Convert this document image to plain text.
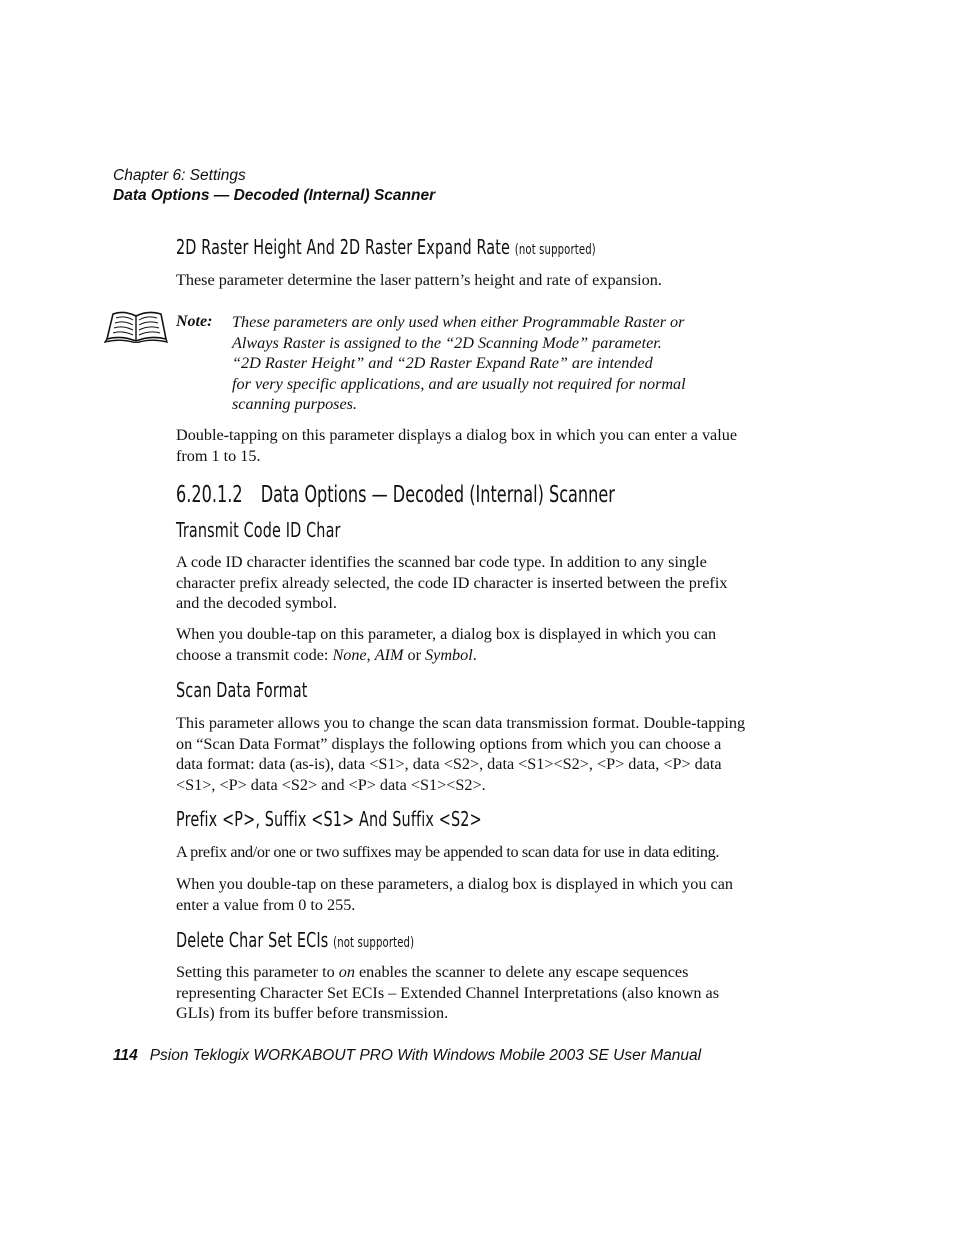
Chapter 6: Settings
Data Options — Decoded (Internal) Scanner
2D Raster Height And 2D Raster Expand Rate (not supported)

These parameter determine the laser pattern’s height and rate of expansion.

Note: These parameters are only used when either Programmable Raster or
Always Raster is assigned to the “2D Scanning Mode” parameter.
“2D Raster Height” and “2D Raster Expand Rate” are intended
for very specific applications, and are usually not required for normal
scanning purposes.

Double-tapping on this parameter displays a dialog box in which you can enter a value from 1 to 15.

6.20.1.2 Data Options — Decoded (Internal) Scanner
Transmit Code ID Char

A code ID character identifies the scanned bar code type. In addition to any single character prefix already selected, the code ID character is inserted between the prefix and the decoded symbol.

When you double-tap on this parameter, a dialog box is displayed in which you can choose a transmit code: None, AIM or Symbol.

Scan Data Format

This parameter allows you to change the scan data transmission format. Double-tapping on “Scan Data Format” displays the following options from which you can choose a data format: data (as-is), data <S1>, data <S2>, data <S1><S2>, <P> data, <P> data <S1>, <P> data <S2> and <P> data <S1><S2>.

Prefix <P>, Suffix <S1> And Suffix <S2>

A prefix and/or one or two suffixes may be appended to scan data for use in data editing.

When you double-tap on these parameters, a dialog box is displayed in which you can enter a value from 0 to 255.

Delete Char Set ECIs (not supported)

Setting this parameter to on enables the scanner to delete any escape sequences representing Character Set ECIs – Extended Channel Interpretations (also known as GLIs) from its buffer before transmission.

114 Psion Teklogix WORKABOUT PRO With Windows Mobile 2003 SE User Manual
